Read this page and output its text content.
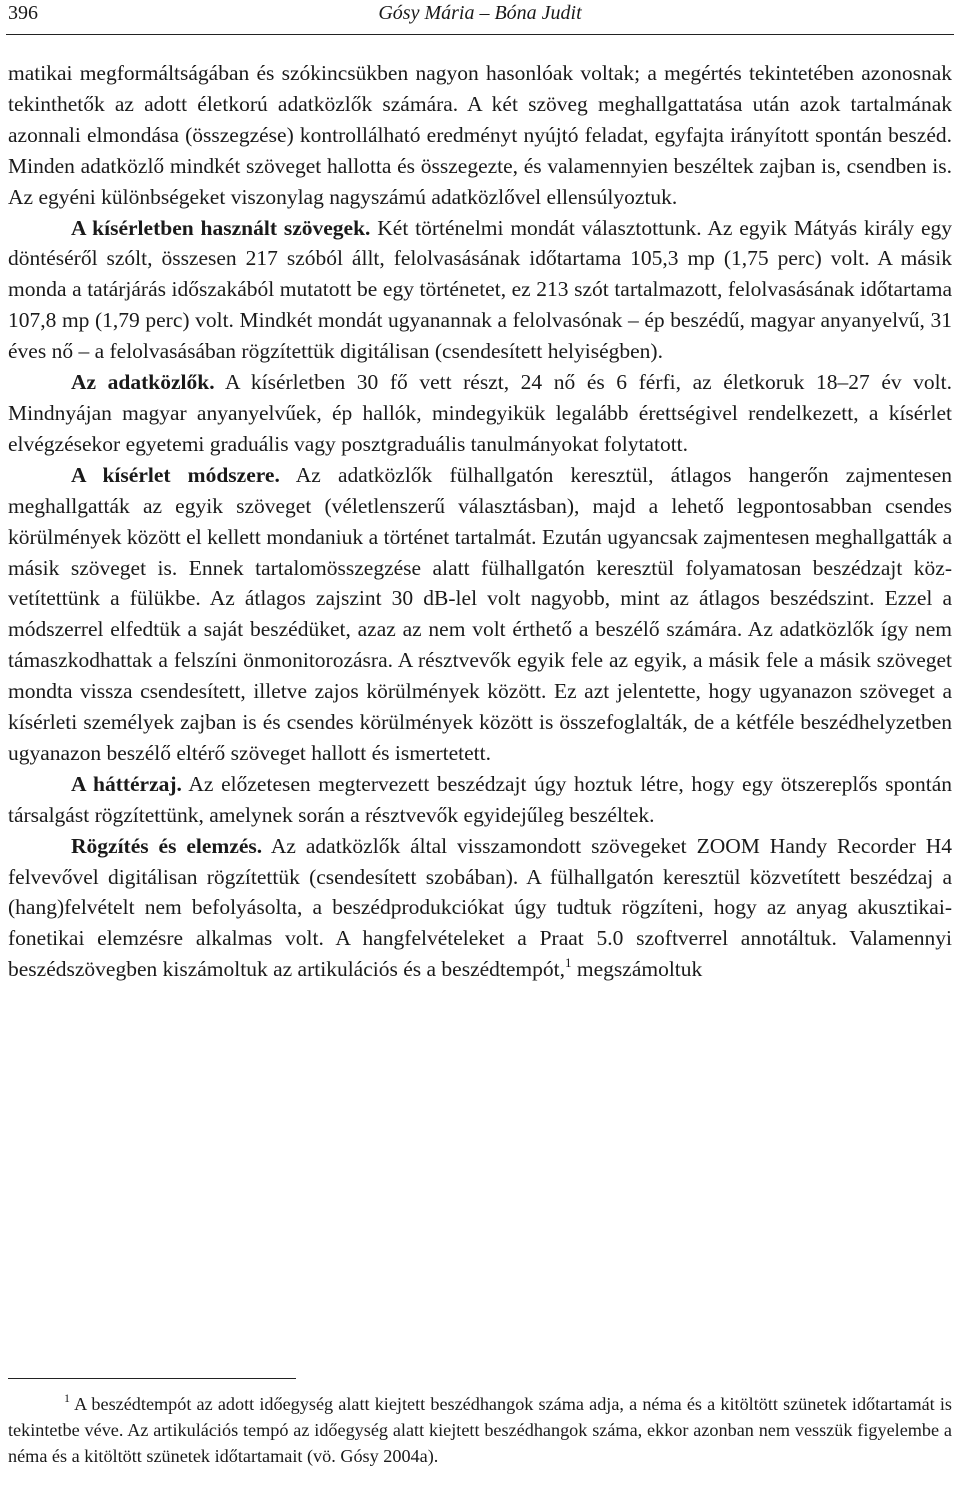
396	Gósy Mária – Bóna Judit

matikai megformáltságában és szókincsükben nagyon hasonlóak voltak; a megértés tekintetében azonosnak tekinthetők az adott életkorú adatközlők számára. A két szöveg meghallgattatása után azok tartalmának azonnali elmondása (összegzése) kontrollálható eredményt nyújtó feladat, egyfajta irányított spontán beszéd. Minden adatközlő mindkét szöveget hallotta és összegezte, és valamennyien beszéltek zajban is, csendben is. Az egyéni különbségeket viszonylag nagyszámú adatközlővel ellensúlyoztuk.

A kísérletben használt szövegek. Két történelmi mondát választottunk. Az egyik Mátyás király egy döntéséről szólt, összesen 217 szóból állt, felolvasásának időtartama 105,3 mp (1,75 perc) volt. A másik monda a tatárjárás időszakából mutatott be egy történetet, ez 213 szót tartalmazott, felolvasásának időtartama 107,8 mp (1,79 perc) volt. Mindkét mondát ugyanannak a felolvasónak – ép beszédű, magyar anyanyelvű, 31 éves nő – a felolvasásában rögzítettük digitálisan (csendesített helyiségben).

Az adatközlők. A kísérletben 30 fő vett részt, 24 nő és 6 férfi, az életkoruk 18–27 év volt. Mindnyájan magyar anyanyelvűek, ép hallók, mindegyikük legalább érettségivel rendelkezett, a kísérlet elvégzésekor egyetemi graduális vagy posztgraduális tanulmányokat folytatott.

A kísérlet módszere. Az adatközlők fülhallgatón keresztül, átlagos hangerőn zajmentesen meghallgatták az egyik szöveget (véletlenszerű választásban), majd a lehető legpontosabban csendes körülmények között el kellett mondaniuk a történet tartalmát. Ezután ugyancsak zajmentesen meghallgatták a másik szöveget is. Ennek tartalomösszegzése alatt fülhallgatón keresztül folyamatosan beszédzajt közvetítettünk a fülükbe. Az átlagos zajszint 30 dB-lel volt nagyobb, mint az átlagos beszédszint. Ezzel a módszerrel elfedtük a saját beszédüket, azaz az nem volt érthető a beszélő számára. Az adatközlők így nem támaszkodhattak a felszíni önmonitorozásra. A résztvevők egyik fele az egyik, a másik fele a másik szöveget mondta vissza csendesített, illetve zajos körülmények között. Ez azt jelentette, hogy ugyanazon szöveget a kísérleti személyek zajban is és csendes körülmények között is összefoglalták, de a kétféle beszédhelyzetben ugyanazon beszélő eltérő szöveget hallott és ismertetett.

A háttérzaj. Az előzetesen megtervezett beszédzajt úgy hoztuk létre, hogy egy ötszereplős spontán társalgást rögzítettünk, amelynek során a résztvevők egyidejűleg beszéltek.

Rögzítés és elemzés. Az adatközlők által visszamondott szövegeket ZOOM Handy Recorder H4 felvevővel digitálisan rögzítettük (csendesített szobában). A fülhallgatón keresztül közvetített beszédzaj a (hang)felvételt nem befolyásolta, a beszédprodukciókat úgy tudtuk rögzíteni, hogy az anyag akusztikai-fonetikai elemzésre alkalmas volt. A hangfelvételeket a Praat 5.0 szoftverrel annotáltuk. Valamennyi beszédszövegben kiszámoltuk az artikulációs és a beszédtempót,$^1$ megszámoltuk

$^1$ A beszédtempót az adott időegység alatt kiejtett beszédhangok száma adja, a néma és a kitöltött szünetek időtartamát is tekintetbe véve. Az artikulációs tempó az időegység alatt kiejtett beszédhangok száma, ekkor azonban nem vesszük figyelembe a néma és a kitöltött szünetek időtartamait (vö. Gósy 2004a).
